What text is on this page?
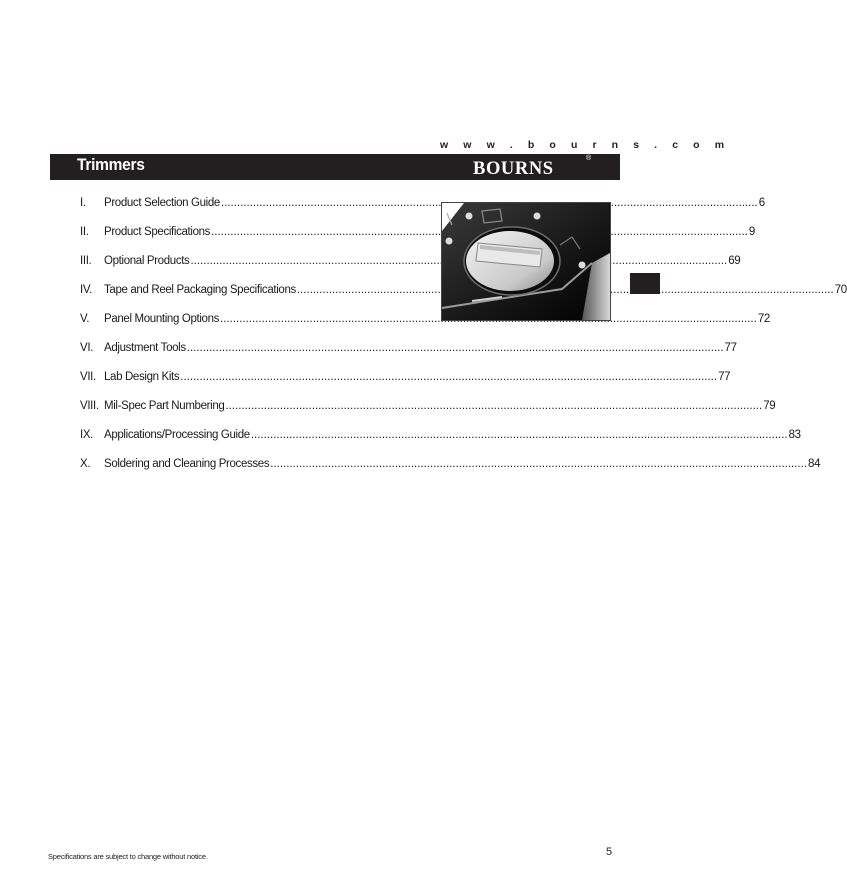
w w w . b o u r n s . c o m
Trimmers	BOURNS
®
I.	Product Selection Guide .....	6
II.	Product Specifications .....	9
III.	Optional Products .....	69
IV.	Tape and Reel Packaging Specifications .....	70
V.	Panel Mounting Options .....	72
VI. Adjustment Tools .....	77
VII. Lab Design Kits .....	77
VIII. Mil-Spec Part Numbering .....	79
IX. Applications/Processing Guide .....	83
X.	Soldering and Cleaning Processes .....	84
Specifications are subject to change without notice.	5
